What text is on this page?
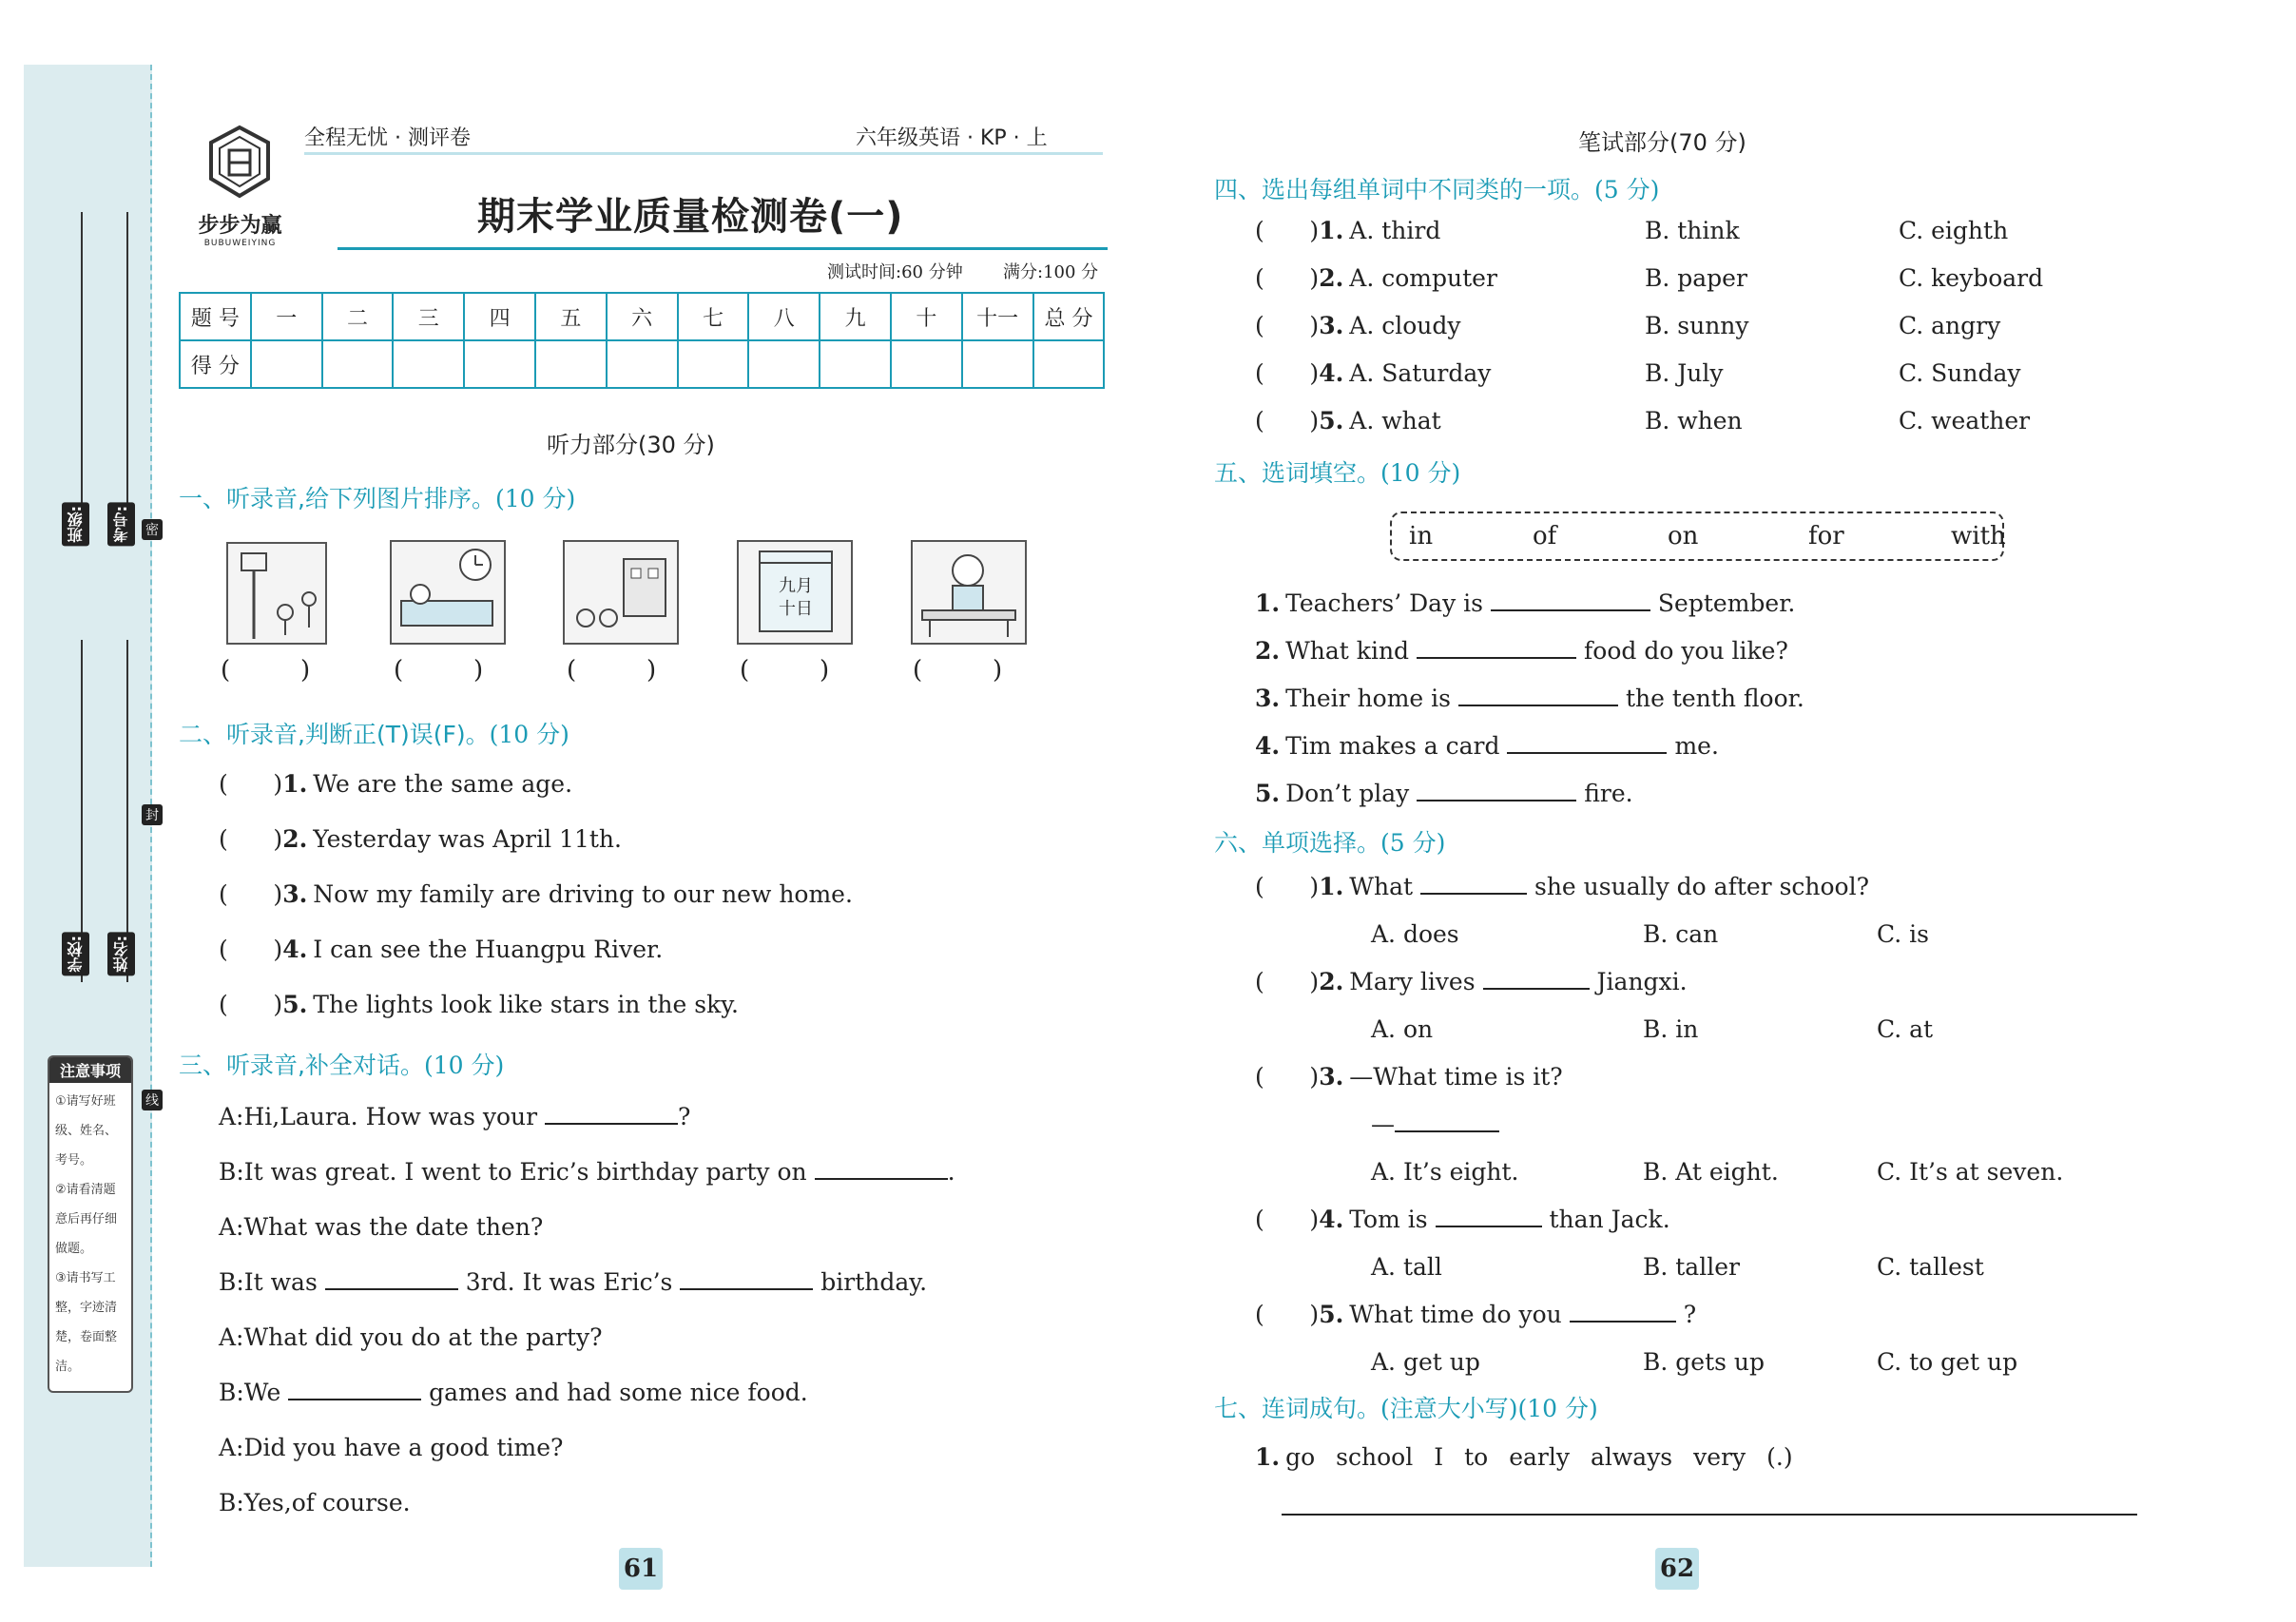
班级:	考号:
学校:	姓名:
密
封
线
注意事项
①请写好班
级、姓名、
考号。
②请看清题
意后再仔细
做题。
③请书写工
整，字迹清
楚，卷面整
洁。
步步为赢
BUBUWEIYING
全程无忧 · 测评卷	六年级英语 · KP · 上
期末学业质量检测卷(一)
测试时间:60 分钟 满分:100 分
题 号	一	二	三	四	五	六	七	八	九	十	十一	总 分
得 分												
听力部分(30 分)
一、听录音,给下列图片排序。(10 分)
九月
十日
(	)	(	)	(	)	(	)	(	)
二、听录音,判断正(T)误(F)。(10 分)
(      )1. We are the same age.
(      )2. Yesterday was April 11th.
(      )3. Now my family are driving to our new home.
(      )4. I can see the Huangpu River.
(      )5. The lights look like stars in the sky.
三、听录音,补全对话。(10 分)
A:Hi,Laura. How was your	?
B:It was great. I went to Eric’s birthday party on	.
A:What was the date then?
B:It was	3rd. It was Eric’s	birthday.
A:What did you do at the party?
B:We	games and had some nice food.
A:Did you have a good time?
B:Yes,of course.
61
笔试部分(70 分)
四、选出每组单词中不同类的一项。(5 分)
(      )1. A. third	B. think	C. eighth
(      )2. A. computer	B. paper	C. keyboard
(      )3. A. cloudy	B. sunny	C. angry
(      )4. A. Saturday	B. July	C. Sunday
(      )5. A. what	B. when	C. weather
五、选词填空。(10 分)
in	of	on	for	with
1. Teachers’ Day is	September.
2. What kind	food do you like?
3. Their home is	the tenth floor.
4. Tim makes a card	me.
5. Don’t play	fire.
六、单项选择。(5 分)
(      )1. What	she usually do after school?
A. does	B. can	C. is
(      )2. Mary lives	Jiangxi.
A. on	B. in	C. at
(      )3. —What time is it?
—
A. It’s eight.	B. At eight.	C. It’s at seven.
(      )4. Tom is	than Jack.
A. tall	B. taller	C. tallest
(      )5. What time do you	?
A. get up	B. gets up	C. to get up
七、连词成句。(注意大小写)(10 分)
1. go school I to early always very (.)
62
